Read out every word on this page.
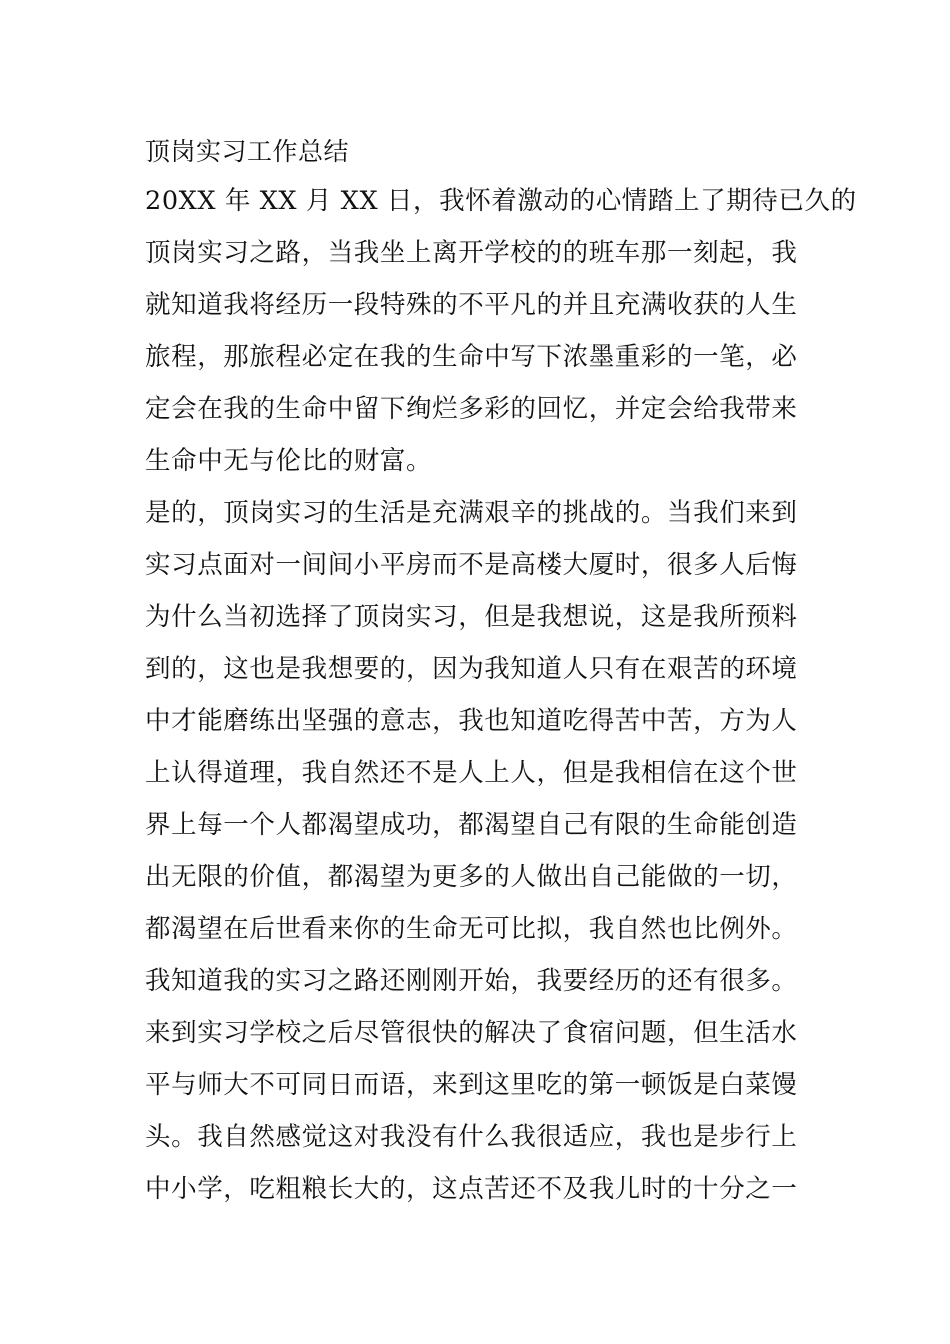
顶岗实习工作总结
20XX 年 XX 月 XX 日，我怀着激动的心情踏上了期待已久的
顶岗实习之路，当我坐上离开学校的的班车那一刻起，我
就知道我将经历一段特殊的不平凡的并且充满收获的人生
旅程，那旅程必定在我的生命中写下浓墨重彩的一笔，必
定会在我的生命中留下绚烂多彩的回忆，并定会给我带来
生命中无与伦比的财富。
是的，顶岗实习的生活是充满艰辛的挑战的。当我们来到
实习点面对一间间小平房而不是高楼大厦时，很多人后悔
为什么当初选择了顶岗实习，但是我想说，这是我所预料
到的，这也是我想要的，因为我知道人只有在艰苦的环境
中才能磨练出坚强的意志，我也知道吃得苦中苦，方为人
上认得道理，我自然还不是人上人，但是我相信在这个世
界上每一个人都渴望成功，都渴望自己有限的生命能创造
出无限的价值，都渴望为更多的人做出自己能做的一切，
都渴望在后世看来你的生命无可比拟，我自然也比例外。
我知道我的实习之路还刚刚开始，我要经历的还有很多。
来到实习学校之后尽管很快的解决了食宿问题，但生活水
平与师大不可同日而语，来到这里吃的第一顿饭是白菜馒
头。我自然感觉这对我没有什么我很适应，我也是步行上
中小学，吃粗粮长大的，这点苦还不及我儿时的十分之一
